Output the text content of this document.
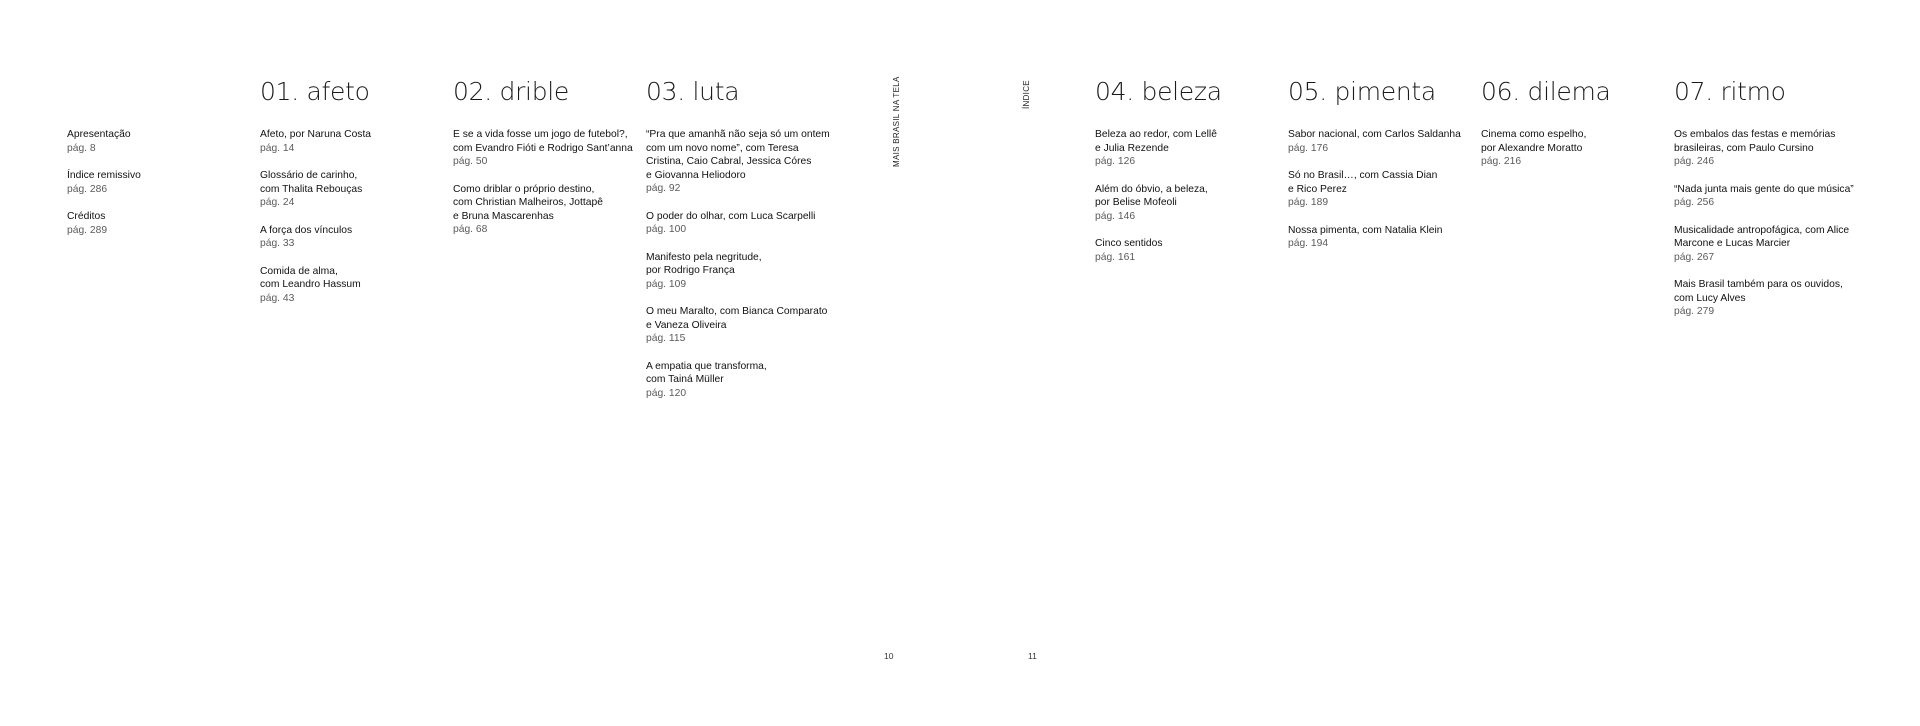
Apresentação
pág. 8
Índice remissivo
pág. 286
Créditos
pág. 289
01. afeto
Afeto, por Naruna Costa
pág. 14
Glossário de carinho,
com Thalita Rebouças
pág. 24
A força dos vínculos
pág. 33
Comida de alma,
com Leandro Hassum
pág. 43
02. drible
E se a vida fosse um jogo de futebol?,
com Evandro Fióti e Rodrigo Sant’anna
pág. 50
Como driblar o próprio destino,
com Christian Malheiros, Jottapê
e Bruna Mascarenhas
pág. 68
03. luta
“Pra que amanhã não seja só um ontem
com um novo nome”, com Teresa
Cristina, Caio Cabral, Jessica Córes
e Giovanna Heliodoro
pág. 92
O poder do olhar, com Luca Scarpelli
pág. 100
Manifesto pela negritude,
por Rodrigo França
pág. 109
O meu Maralto, com Bianca Comparato
e Vaneza Oliveira
pág. 115
A empatia que transforma,
com Tainá Müller
pág. 120
MAIS BRASIL NA TELA
10
ÍNDICE
11
04. beleza
Beleza ao redor, com Lellê
e Julia Rezende
pág. 126
Além do óbvio, a beleza,
por Belise Mofeoli
pág. 146
Cinco sentidos
pág. 161
05. pimenta
Sabor nacional, com Carlos Saldanha
pág. 176
Só no Brasil…, com Cassia Dian
e Rico Perez
pág. 189
Nossa pimenta, com Natalia Klein
pág. 194
06. dilema
Cinema como espelho,
por Alexandre Moratto
pág. 216
07. ritmo
Os embalos das festas e memórias
brasileiras, com Paulo Cursino
pág. 246
“Nada junta mais gente do que música”
pág. 256
Musicalidade antropofágica, com Alice
Marcone e Lucas Marcier
pág. 267
Mais Brasil também para os ouvidos,
com Lucy Alves
pág. 279
